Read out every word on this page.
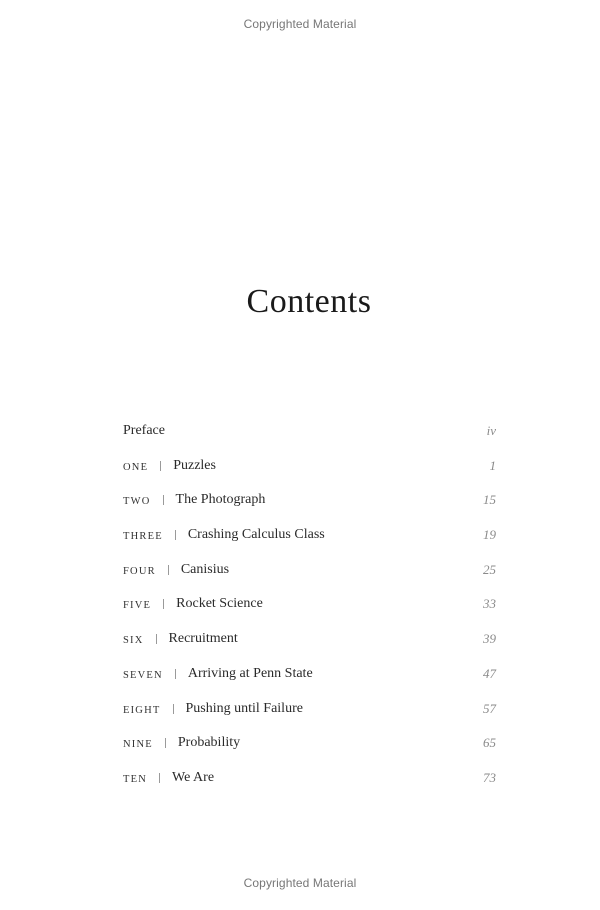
Copyrighted Material
Contents
Preface	iv
ONE Puzzles	1
TWO The Photograph	15
THREE Crashing Calculus Class	19
FOUR Canisius	25
FIVE Rocket Science	33
SIX Recruitment	39
SEVEN Arriving at Penn State	47
EIGHT Pushing until Failure	57
NINE Probability	65
TEN We Are	73
Copyrighted Material
